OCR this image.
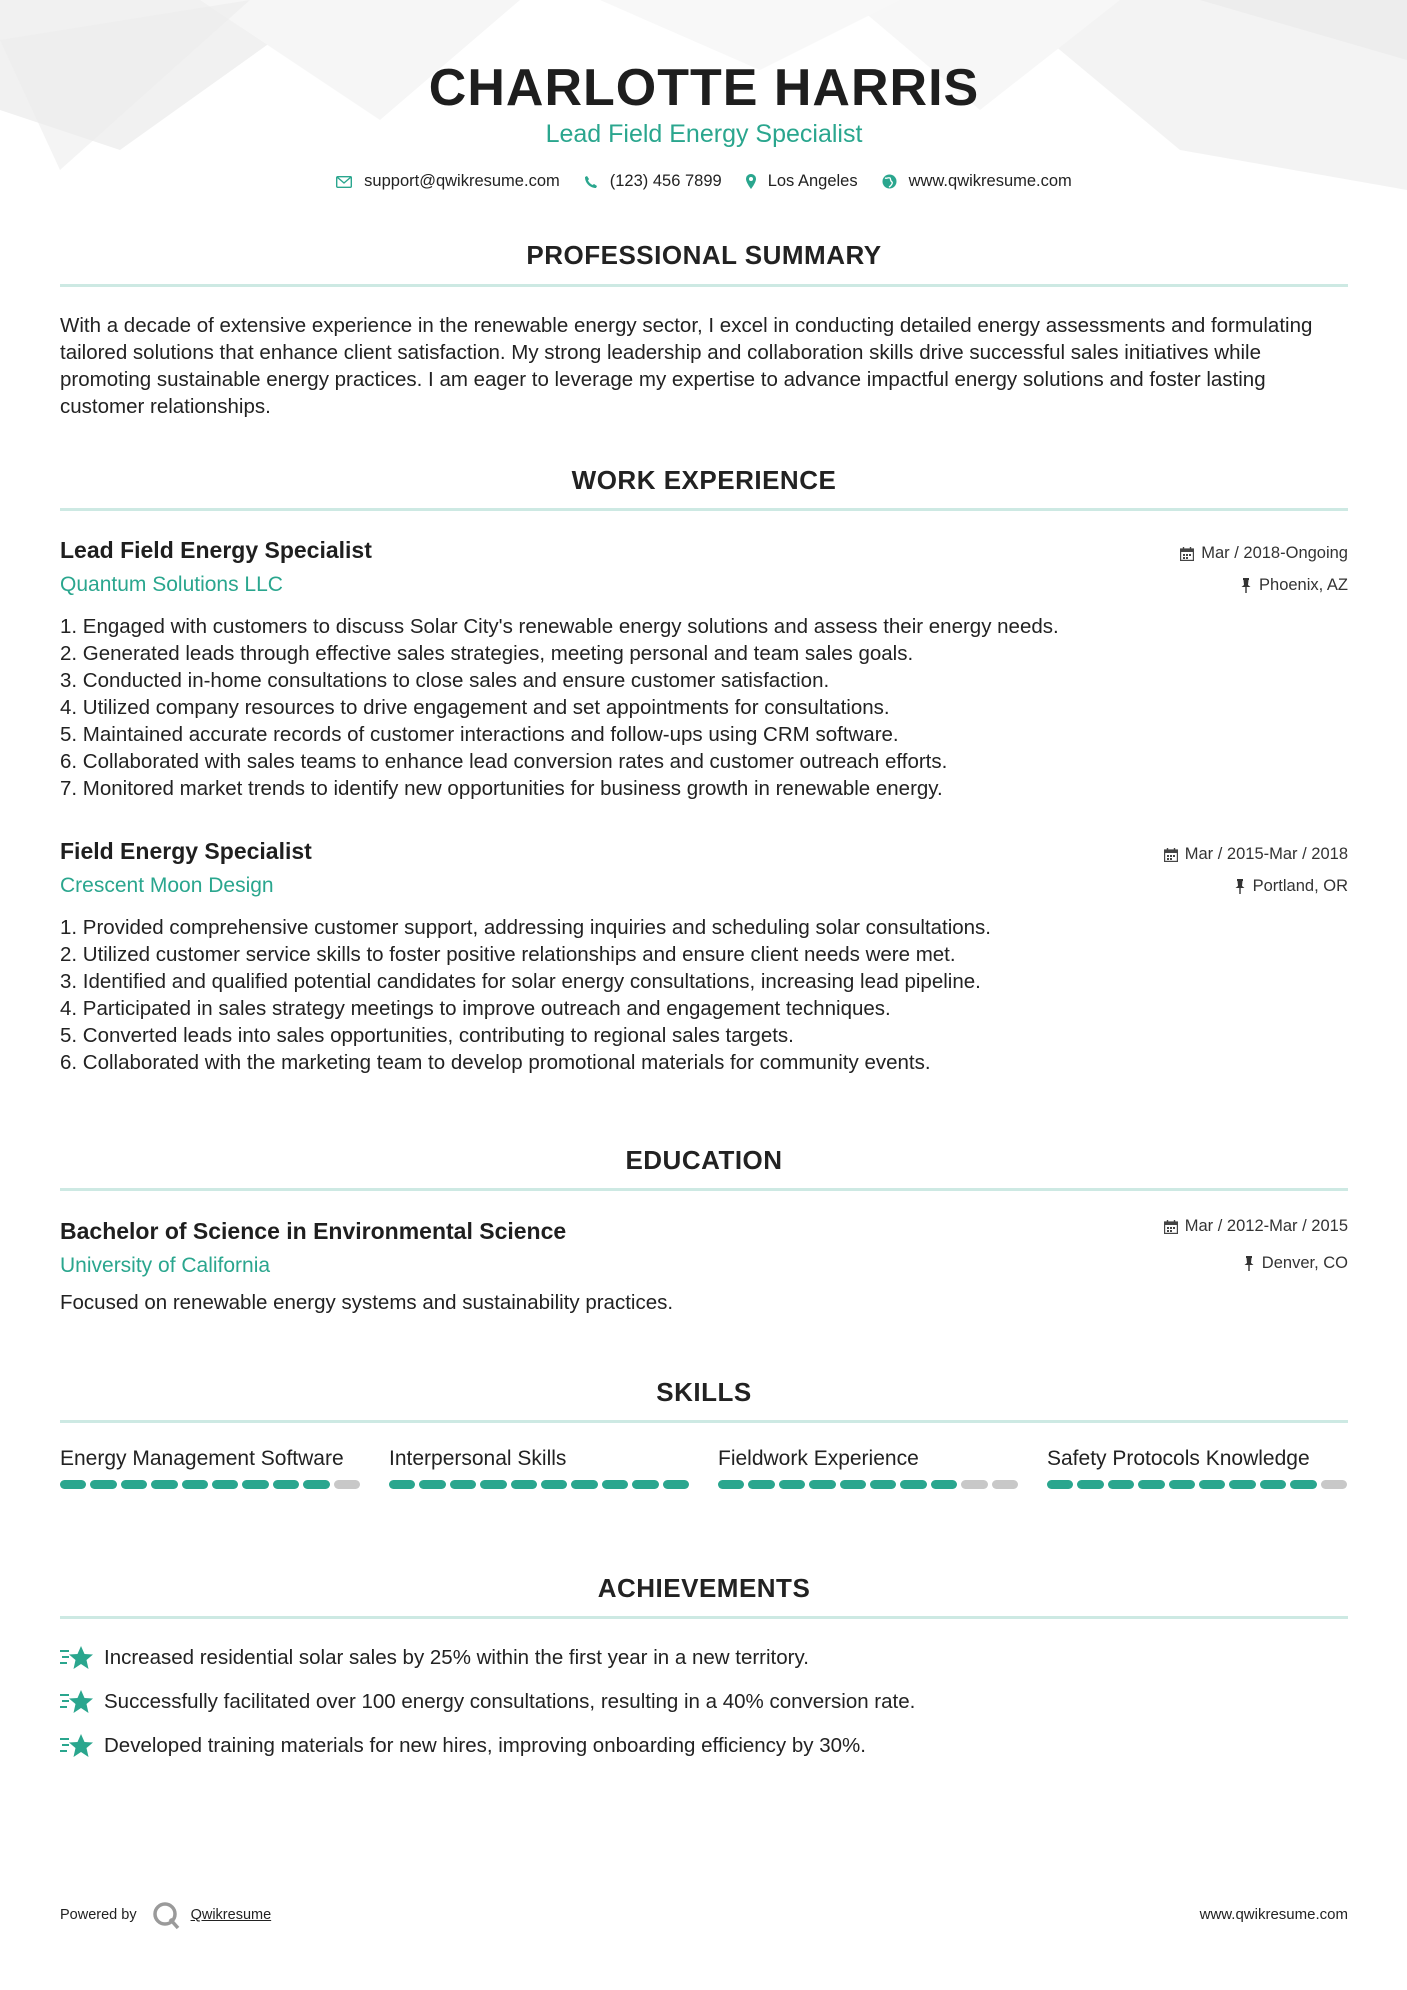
CHARLOTTE HARRIS
Lead Field Energy Specialist
support@qwikresume.com	(123) 456 7899	Los Angeles	www.qwikresume.com
PROFESSIONAL SUMMARY
With a decade of extensive experience in the renewable energy sector, I excel in conducting detailed energy assessments and formulating tailored solutions that enhance client satisfaction. My strong leadership and collaboration skills drive successful sales initiatives while promoting sustainable energy practices. I am eager to leverage my expertise to advance impactful energy solutions and foster lasting customer relationships.
WORK EXPERIENCE
Lead Field Energy Specialist
Quantum Solutions LLC
Mar / 2018-Ongoing
Phoenix, AZ
1. Engaged with customers to discuss Solar City's renewable energy solutions and assess their energy needs.
2. Generated leads through effective sales strategies, meeting personal and team sales goals.
3. Conducted in-home consultations to close sales and ensure customer satisfaction.
4. Utilized company resources to drive engagement and set appointments for consultations.
5. Maintained accurate records of customer interactions and follow-ups using CRM software.
6. Collaborated with sales teams to enhance lead conversion rates and customer outreach efforts.
7. Monitored market trends to identify new opportunities for business growth in renewable energy.
Field Energy Specialist
Crescent Moon Design
Mar / 2015-Mar / 2018
Portland, OR
1. Provided comprehensive customer support, addressing inquiries and scheduling solar consultations.
2. Utilized customer service skills to foster positive relationships and ensure client needs were met.
3. Identified and qualified potential candidates for solar energy consultations, increasing lead pipeline.
4. Participated in sales strategy meetings to improve outreach and engagement techniques.
5. Converted leads into sales opportunities, contributing to regional sales targets.
6. Collaborated with the marketing team to develop promotional materials for community events.
EDUCATION
Bachelor of Science in Environmental Science
University of California
Mar / 2012-Mar / 2015
Denver, CO
Focused on renewable energy systems and sustainability practices.
SKILLS
Energy Management Software	Interpersonal Skills	Fieldwork Experience	Safety Protocols Knowledge
ACHIEVEMENTS
Increased residential solar sales by 25% within the first year in a new territory.
Successfully facilitated over 100 energy consultations, resulting in a 40% conversion rate.
Developed training materials for new hires, improving onboarding efficiency by 30%.
Powered by	Qwikresume	www.qwikresume.com
